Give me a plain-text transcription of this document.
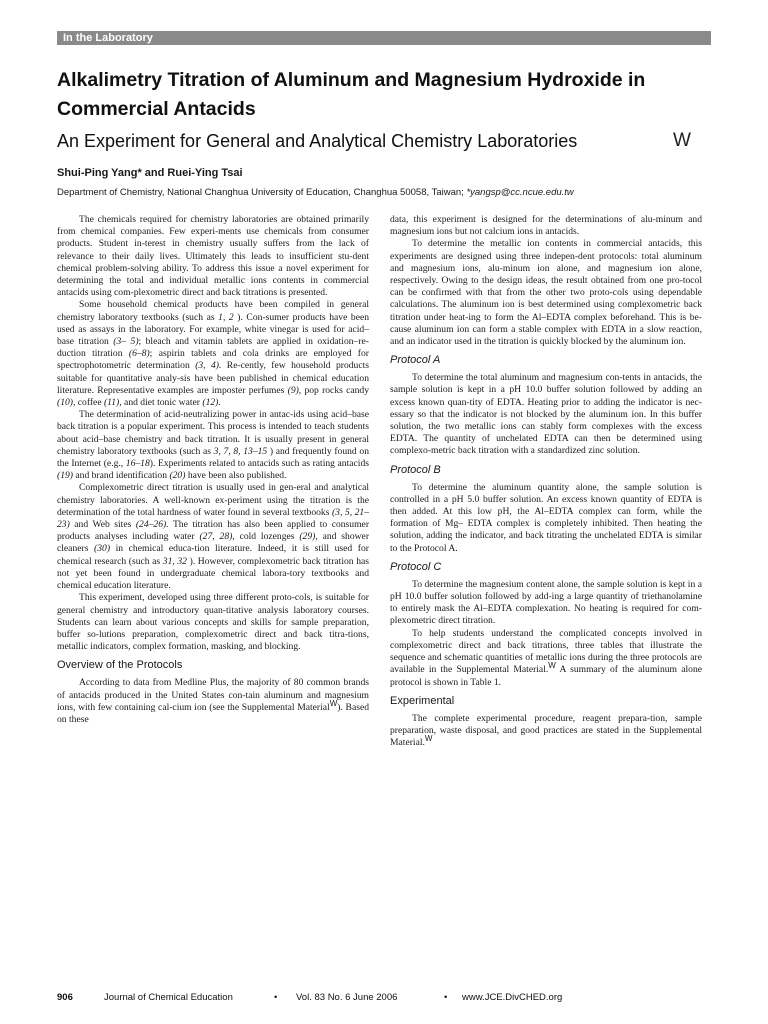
In the Laboratory
Alkalimetry Titration of Aluminum and Magnesium Hydroxide in Commercial Antacids
An Experiment for General and Analytical Chemistry Laboratories	W
Shui-Ping Yang* and Ruei-Ying Tsai
Department of Chemistry, National Changhua University of Education, Changhua 50058, Taiwan; *yangsp@cc.ncue.edu.tw

The chemicals required for chemistry laboratories are obtained primarily from chemical companies. Few experi-ments use chemicals from consumer products. Student in-terest in chemistry usually suffers from the lack of relevance to their daily lives. Ultimately this leads to insufficient stu-dent chemical problem-solving ability. To address this issue a novel experiment for determining the total and individual metallic ions contents in commercial antacids using com-plexometric direct and back titrations is presented.

Some household chemical products have been compiled in general chemistry laboratory textbooks (such as 1, 2 ). Con-sumer products have been used as assays in the laboratory. For example, white vinegar is used for acid–base titration (3– 5); bleach and vitamin tablets are applied in oxidation–re-duction titration (6–8); aspirin tablets and cola drinks are employed for spectrophotometric determination (3, 4). Re-cently, few household products suitable for quantitative analy-sis have been published in chemical education literature. Representative examples are imposter perfumes (9), pop rocks candy (10), coffee (11), and diet tonic water (12).

The determination of acid-neutralizing power in antac-ids using acid–base back titration is a popular experiment. This process is intended to teach students about acid–base chemistry and back titration. It is usually present in general chemistry laboratory textbooks (such as 3, 7, 8, 13–15 ) and frequently found on the Internet (e.g., 16–18). Experiments related to antacids such as rating antacids (19) and brand identification (20) have been also published.

Complexometric direct titration is usually used in gen-eral and analytical chemistry laboratories. A well-known ex-periment using the titration is the determination of the total hardness of water found in several textbooks (3, 5, 21–23) and Web sites (24–26). The titration has also been applied to consumer products analyses including water (27, 28), cold lozenges (29), and shower cleaners (30) in chemical educa-tion literature. Indeed, it is still used for chemical research (such as 31, 32 ). However, complexometric back titration has not yet been found in undergraduate chemical labora-tory textbooks and chemical education literature.

This experiment, developed using three different proto-cols, is suitable for general chemistry and introductory quan-titative analysis laboratory courses. Students can learn about various concepts and skills for sample preparation, buffer so-lutions preparation, complexometric direct and back titra-tions, metallic indicators, complex formation, masking, and blocking.

Overview of the Protocols

According to data from Medline Plus, the majority of 80 common brands of antacids produced in the United States con-tain aluminum and magnesium ions, with few containing cal-cium ion (see the Supplemental Material$^W$). Based on these

data, this experiment is designed for the determinations of alu-minum and magnesium ions but not calcium ions in antacids.

To determine the metallic ion contents in commercial antacids, this experiments are designed using three indepen-dent protocols: total aluminum and magnesium ions, alu-minum ion alone, and magnesium ion alone, respectively. Owing to the design ideas, the result obtained from one pro-tocol can be confirmed with that from the other two proto-cols using dependable calculations. The aluminum ion is best determined using complexometric back titration under heat-ing to form the Al–EDTA complex beforehand. This is be-cause aluminum ion can form a stable complex with EDTA in a slow reaction, and an indicator used in the titration is quickly blocked by the aluminum ion.

Protocol A

To determine the total aluminum and magnesium con-tents in antacids, the sample solution is kept in a pH 10.0 buffer solution followed by adding an excess known quan-tity of EDTA. Heating prior to adding the indicator is nec-essary so that the indicator is not blocked by the aluminum ion. In this buffer solution, the two metallic ions can stably form complexes with the excess EDTA. The quantity of unchelated EDTA can then be determined using complexo-metric back titration with a standardized zinc solution.

Protocol B

To determine the aluminum quantity alone, the sample solution is controlled in a pH 5.0 buffer solution. An excess known quantity of EDTA is then added. At this low pH, the Al–EDTA complex can form, while the formation of Mg– EDTA complex is completely inhibited. Then heating the solution, adding the indicator, and back titrating the unchelated EDTA is similar to the Protocol A.

Protocol C

To determine the magnesium content alone, the sample solution is kept in a pH 10.0 buffer solution followed by add-ing a large quantity of triethanolamine to entirely mask the Al–EDTA complexation. No heating is required for com-plexometric direct titration.

To help students understand the complicated concepts involved in complexometric direct and back titrations, three tables that illustrate the sequence and schematic quantities of metallic ions during the three protocols are available in the Supplemental Material.$^W$ A summary of the aluminum alone protocol is shown in Table 1.

Experimental

The complete experimental procedure, reagent prepara-tion, sample preparation, waste disposal, and good practices are stated in the Supplemental Material.$^W$

906	Journal of Chemical Education	• Vol. 83 No. 6 June 2006	• www.JCE.DivCHED.org
